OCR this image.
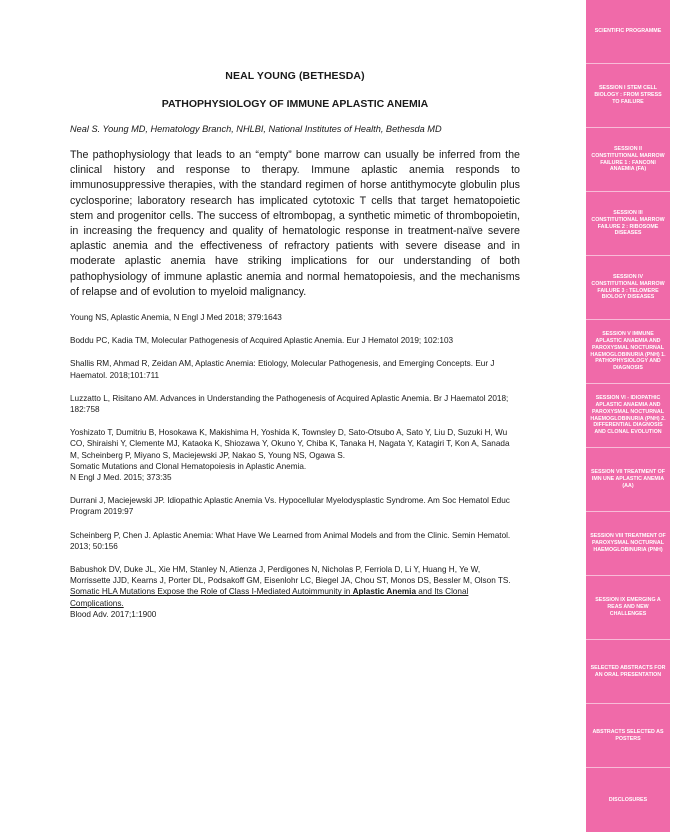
NEAL YOUNG (BETHESDA)
PATHOPHYSIOLOGY OF IMMUNE APLASTIC ANEMIA
Neal S. Young MD, Hematology Branch, NHLBI, National Institutes of Health, Bethesda MD
The pathophysiology that leads to an “empty” bone marrow can usually be inferred from the clinical history and response to therapy. Immune aplastic anemia responds to immunosuppressive therapies, with the standard regimen of horse antithymocyte globulin plus cyclosporine; laboratory research has implicated cytotoxic T cells that target hematopoietic stem and progenitor cells. The success of eltrombopag, a synthetic mimetic of thrombopoietin, in increasing the frequency and quality of hematologic response in treatment-naïve severe aplastic anemia and the effectiveness of refractory patients with severe disease and in moderate aplastic anemia have striking implications for our understanding of both pathophysiology of immune aplastic anemia and normal hematopoiesis, and the mechanisms of relapse and of evolution to myeloid malignancy.
Young NS, Aplastic Anemia, N Engl J Med 2018; 379:1643
Boddu PC, Kadia TM, Molecular Pathogenesis of Acquired Aplastic Anemia. Eur J Hematol 2019; 102:103
Shallis RM, Ahmad R, Zeidan AM, Aplastic Anemia: Etiology, Molecular Pathogenesis, and Emerging Concepts. Eur J Haematol. 2018;101:711
Luzzatto L, Risitano AM. Advances in Understanding the Pathogenesis of Acquired Aplastic Anemia. Br J Haematol 2018; 182:758
Yoshizato T, Dumitriu B, Hosokawa K, Makishima H, Yoshida K, Townsley D, Sato-Otsubo A, Sato Y, Liu D, Suzuki H, Wu CO, Shiraishi Y, Clemente MJ, Kataoka K, Shiozawa Y, Okuno Y, Chiba K, Tanaka H, Nagata Y, Katagiri T, Kon A, Sanada M, Scheinberg P, Miyano S, Maciejewski JP, Nakao S, Young NS, Ogawa S.
Somatic Mutations and Clonal Hematopoiesis in Aplastic Anemia.
N Engl J Med. 2015; 373:35
Durrani J, Maciejewski JP. Idiopathic Aplastic Anemia Vs. Hypocellular Myelodysplastic Syndrome. Am Soc Hematol Educ Program 2019:97
Scheinberg P, Chen J. Aplastic Anemia: What Have We Learned from Animal Models and from the Clinic. Semin Hematol. 2013; 50:156
Babushok DV, Duke JL, Xie HM, Stanley N, Atienza J, Perdigones N, Nicholas P, Ferriola D, Li Y, Huang H, Ye W, Morrissette JJD, Kearns J, Porter DL, Podsakoff GM, Eisenlohr LC, Biegel JA, Chou ST, Monos DS, Bessler M, Olson TS. Somatic HLA Mutations Expose the Role of Class I-Mediated Autoimmunity in Aplastic Anemia and Its Clonal Complications.
Blood Adv. 2017;1:1900
SCIENTIFIC PROGRAMME
SESSION I STEM CELL BIOLOGY : FROM STRESS TO FAILURE
SESSION II CONSTITUTIONAL MARROW FAILURE 1 : FANCONI ANAEMIA (FA)
SESSION III CONSTITUTIONAL MARROW FAILURE 2 : RIBOSOME DISEASES
SESSION IV CONSTITUTIONAL MARROW FAILURE 3 : TELOMERE BIOLOGY DISEASES
SESSION V IMMUNE APLASTIC ANAEMIA AND PAROXYSMAL NOCTURNAL HAEMOGLOBINURIA (PNH) 1. PATHOPHYSIOLOGY AND DIAGNOSIS
SESSION VI - IDIOPATHIC APLASTIC ANAEMIA AND PAROXYSMAL NOCTURNAL HAEMOGLOBINURIA (PNH) 2. DIFFERENTIAL DIAGNOSIS AND CLONAL EVOLUTION
SESSION VII TREATMENT OF IMN UNE APLASTIC ANEMIA (AA)
SESSION VIII TREATMENT OF PAROXYSMAL NOCTURNAL HAEMOGLOBINURIA (PNH)
SESSION IX EMERGING A REAS AND NEW CHALLENGES
SELECTED ABSTRACTS FOR AN ORAL PRESENTATION
ABSTRACTS SELECTED AS POSTERS
DISCLOSURES
